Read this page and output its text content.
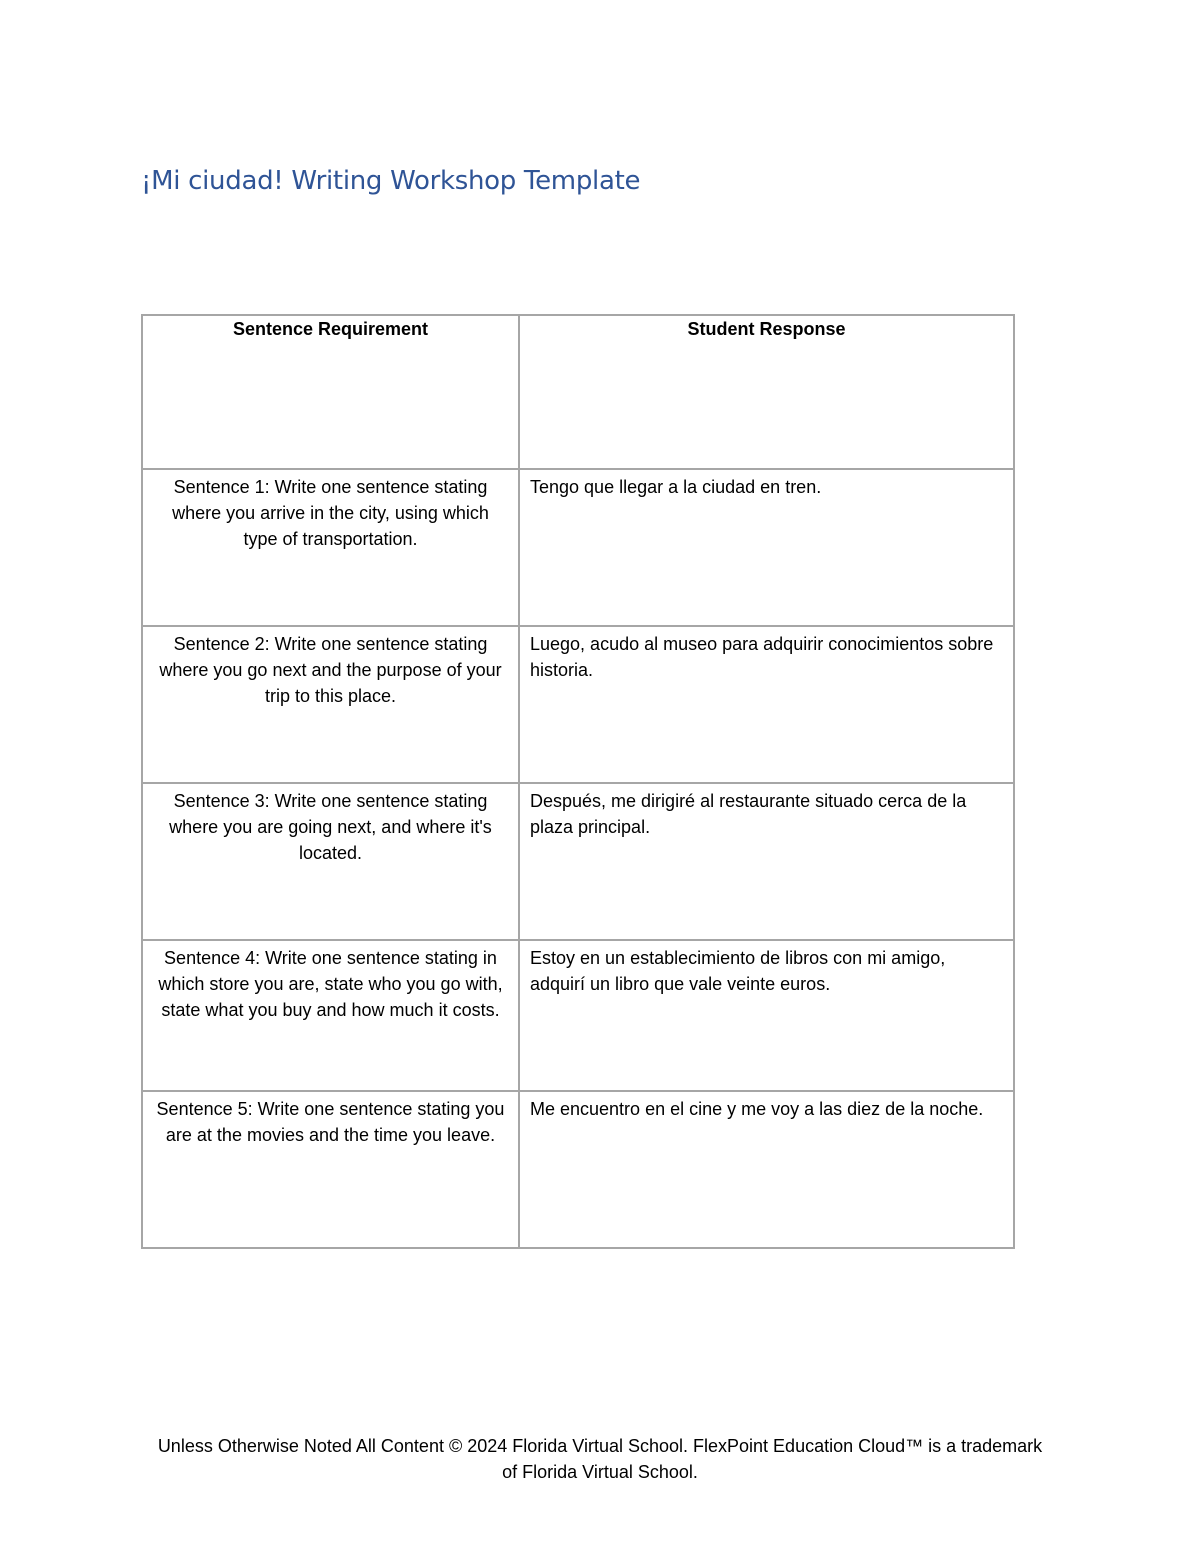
¡Mi ciudad! Writing Workshop Template
Sentence Requirement	Student Response
Sentence 1: Write one sentence stating where you arrive in the city, using which type of transportation.	Tengo que llegar a la ciudad en tren.
Sentence 2: Write one sentence stating where you go next and the purpose of your trip to this place.	Luego, acudo al museo para adquirir conocimientos sobre historia.
Sentence 3: Write one sentence stating where you are going next, and where it's located.	Después, me dirigiré al restaurante situado cerca de la plaza principal.
Sentence 4: Write one sentence stating in which store you are, state who you go with, state what you buy and how much it costs.	Estoy en un establecimiento de libros con mi amigo, adquirí un libro que vale veinte euros.
Sentence 5: Write one sentence stating you are at the movies and the time you leave.	Me encuentro en el cine y me voy a las diez de la noche.
Unless Otherwise Noted All Content © 2024 Florida Virtual School. FlexPoint Education Cloud™ is a trademark of Florida Virtual School.
